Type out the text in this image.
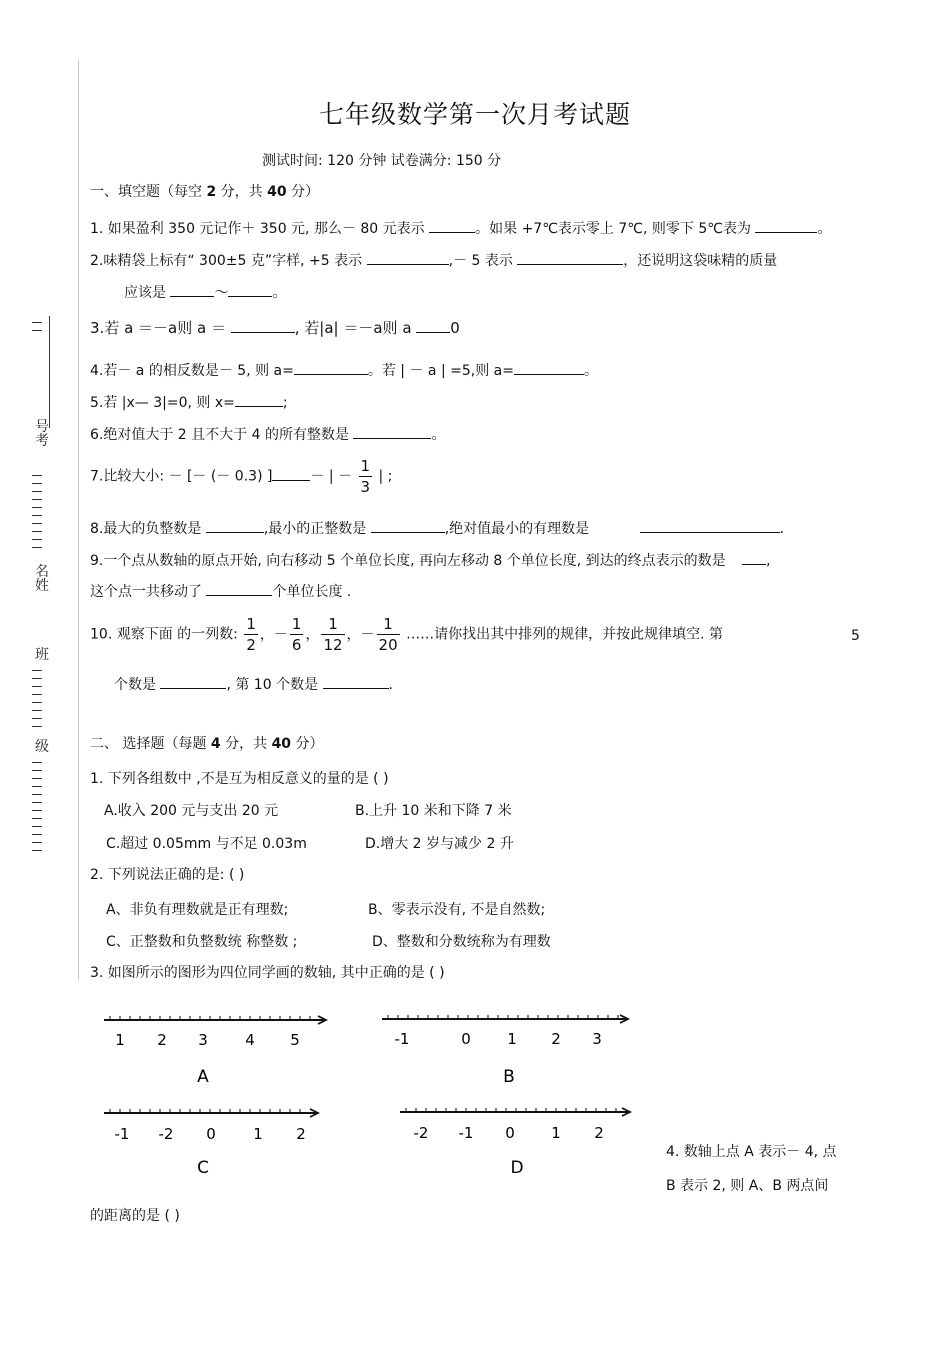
号
考
名
姓
班
级
七年级数学第一次月考试题
测试时间: 120 分钟 试卷满分: 150 分
一、填空题（每空 2 分，共 40 分）
1. 如果盈利 350 元记作＋ 350 元, 那么－ 80 元表示	。如果 +7℃表示零上 7℃, 则零下 5℃表为	。
2.味精袋上标有“ 300±5 克”字样, +5 表示	,－ 5 表示	，还说明这袋味精的质量
应该是	～	。
3.若 a ＝－a则 a ＝	, 若|a| ＝－a则 a	0
4.若－ a 的相反数是－ 5, 则 a=	。若 | － a | =5,则 a=	。
5.若 |x— 3|=0, 则 x=	;
6.绝对值大于 2 且不大于 4 的所有整数是	。
7.比较大小: － [－ (－ 0.3) ]	－ | － $\frac{1}{3}$ | ;
8.最大的负整数是	,最小的正整数是	,绝对值最小的有理数是	.
9.一个点从数轴的原点开始, 向右移动 5 个单位长度, 再向左移动 8 个单位长度, 到达的终点表示的数是	,
这个点一共移动了	个单位长度 .
10. 观察下面 的一列数: $\frac{1}{2}$ ，－ $\frac{1}{6}$ ， $\frac{1}{12}$ ，－ $\frac{1}{20}$ ……请你找出其中排列的规律，并按此规律填空. 第	5
个数是	, 第 10 个数是	.
二、 选择题（每题 4 分，共 40 分）
1. 下列各组数中 ,不是互为相反意义的量的是 ( )
A.收入 200 元与支出 20 元	B.上升 10 米和下降 7 米
C.超过 0.05mm 与不足 0.03m	D.增大 2 岁与减少 2 升
2. 下列说法正确的是: ( )
A、非负有理数就是正有理数;	B、零表示没有, 不是自然数;
C、正整数和负整数统 称整数 ;	D、整数和分数统称为有理数
3. 如图所示的图形为四位同学画的数轴, 其中正确的是 ( )
1 2 3 4 5
A
-1	0 1 2 3
B
-1 -2 0 1 2
C
-2 -1 0 1 2
D
4. 数轴上点 A 表示－ 4, 点
B 表示 2, 则 A、B 两点间
的距离的是 ( )
